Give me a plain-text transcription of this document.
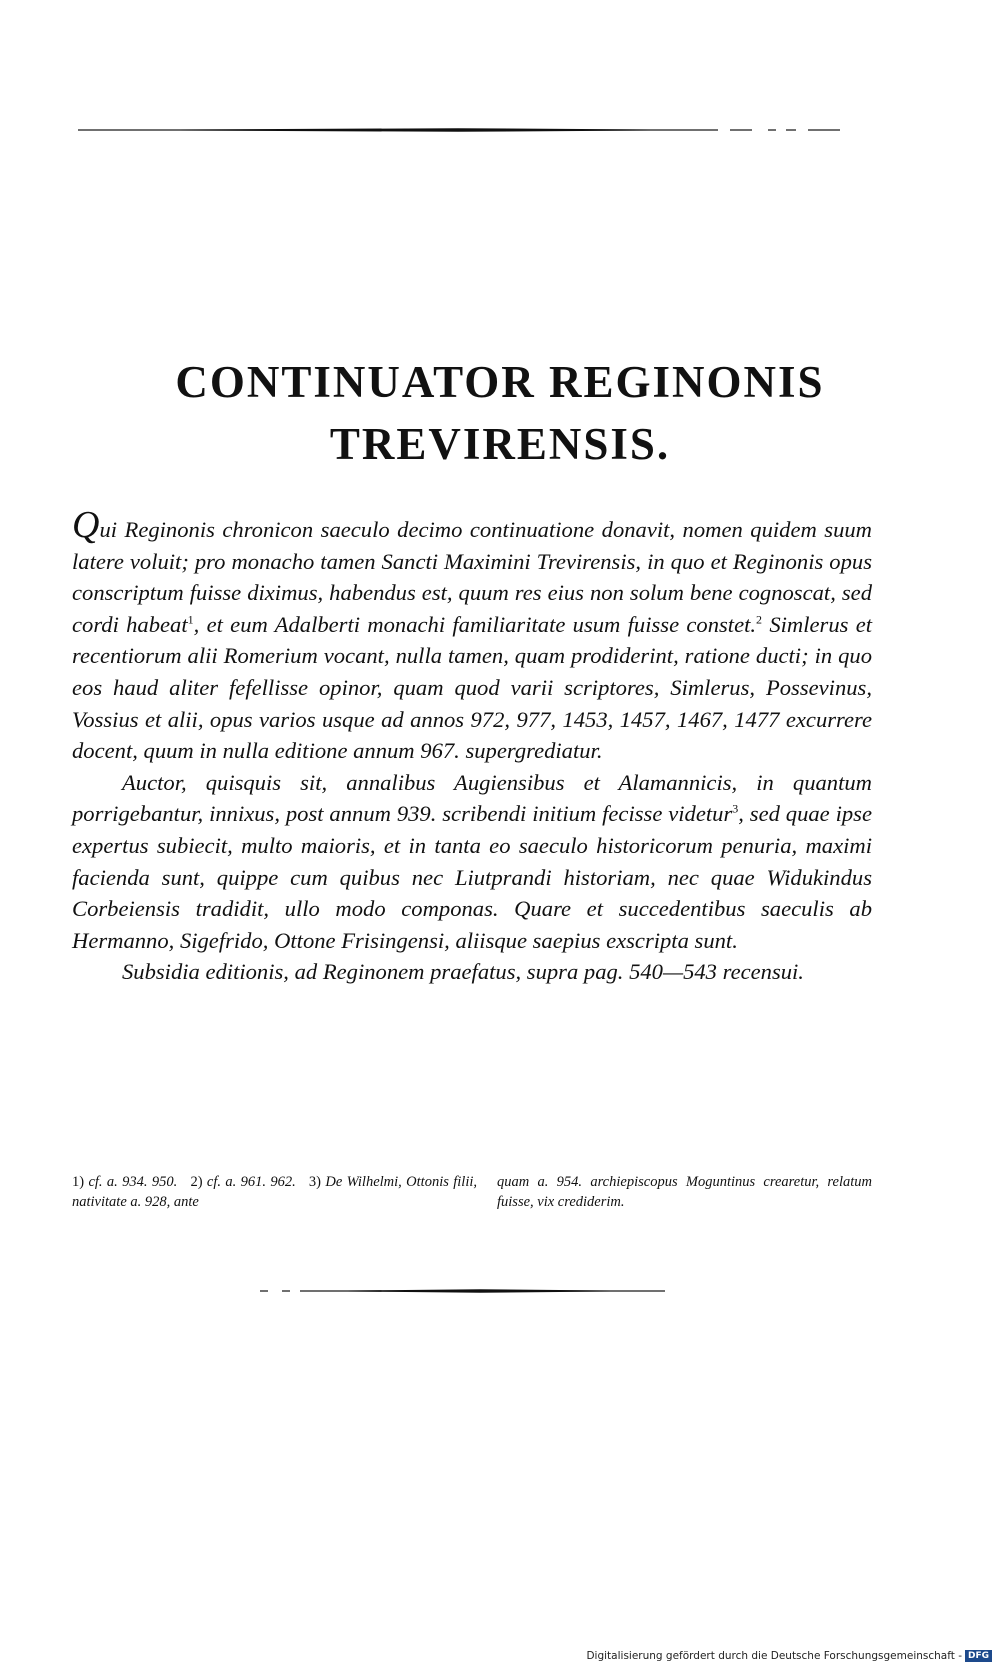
CONTINUATOR REGINONIS
TREVIRENSIS.

Qui Reginonis chronicon saeculo decimo continuatione donavit, nomen quidem suum latere voluit; pro monacho tamen Sancti Maximini Trevirensis, in quo et Reginonis opus conscriptum fuisse diximus, habendus est, quum res eius non solum bene cognoscat, sed cordi habeat$^1$, et eum Adalberti monachi familiaritate usum fuisse constet.$^2$ Simlerus et recentiorum alii Romerium vocant, nulla tamen, quam prodiderint, ratione ducti; in quo eos haud aliter fefellisse opinor, quam quod varii scriptores, Simlerus, Possevinus, Vossius et alii, opus varios usque ad annos 972, 977, 1453, 1457, 1467, 1477 excurrere docent, quum in nulla editione annum 967. supergrediatur.

Auctor, quisquis sit, annalibus Augiensibus et Alamannicis, in quantum porrigebantur, innixus, post annum 939. scribendi initium fecisse videtur$^3$, sed quae ipse expertus subiecit, multo maioris, et in tanta eo saeculo historicorum penuria, maximi facienda sunt, quippe cum quibus nec Liutprandi historiam, nec quae Widukindus Corbeiensis tradidit, ullo modo componas. Quare et succedentibus saeculis ab Hermanno, Sigefrido, Ottone Frisingensi, aliisque saepius exscripta sunt.

Subsidia editionis, ad Reginonem praefatus, supra pag. 540—543 recensui.

1) cf. a. 934. 950. 2) cf. a. 961. 962. 3) De Wilhelmi, Ottonis filii, nativitate a. 928, ante
quam a. 954. archiepiscopus Moguntinus crearetur, relatum fuisse, vix crediderim.
Digitalisierung gefördert durch die Deutsche Forschungsgemeinschaft - DFG
